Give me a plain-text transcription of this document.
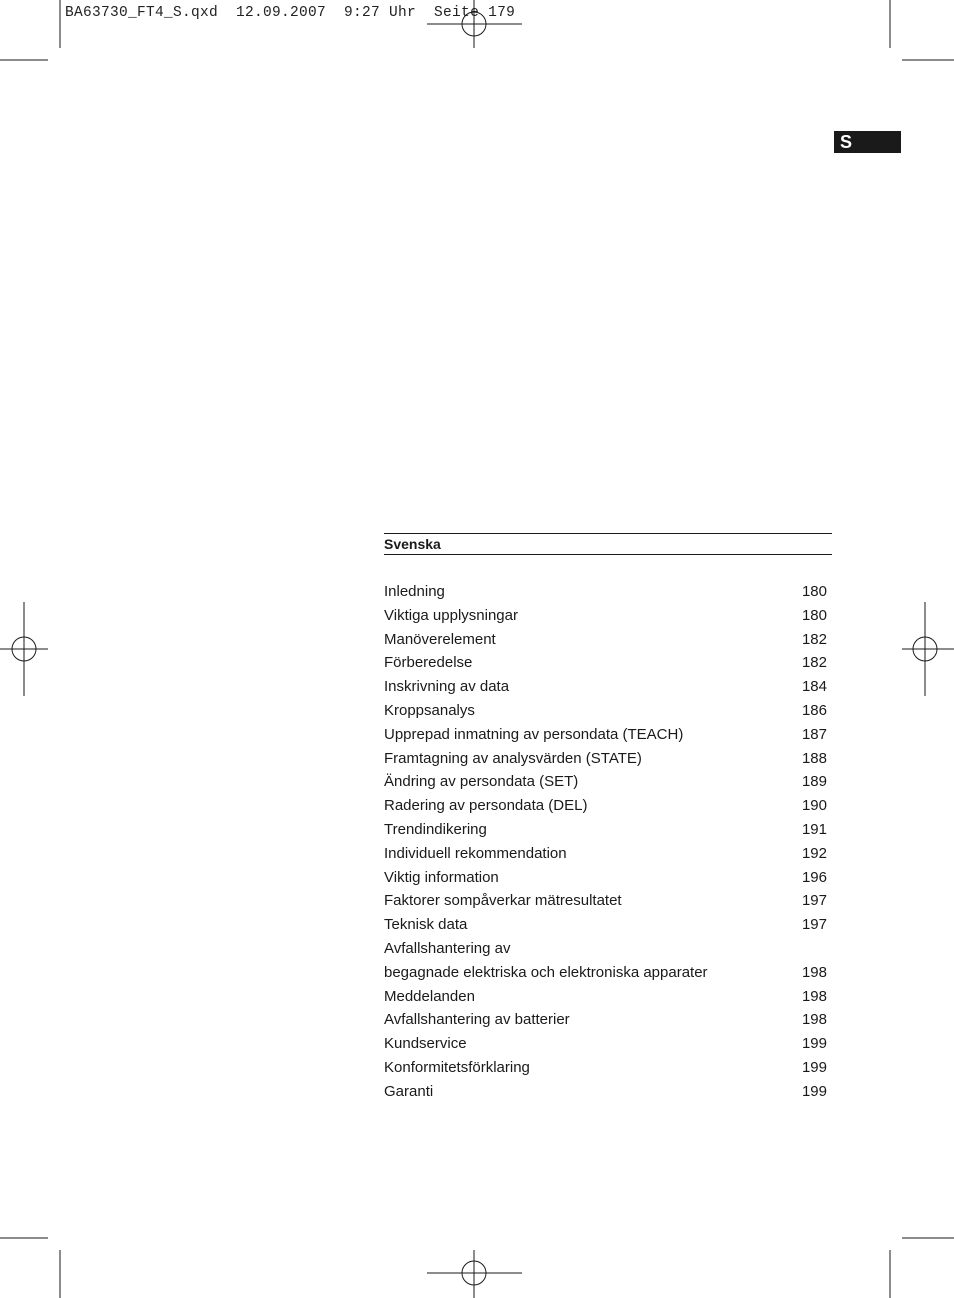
BA63730_FT4_S.qxd  12.09.2007  9:27 Uhr  Seite 179
S
Svenska
Inledning	180
Viktiga upplysningar	180
Manöverelement	182
Förberedelse	182
Inskrivning av data	184
Kroppsanalys	186
Upprepad inmatning av persondata (TEACH)	187
Framtagning av analysvärden (STATE)	188
Ändring av persondata (SET)	189
Radering av persondata (DEL)	190
Trendindikering	191
Individuell rekommendation	192
Viktig information	196
Faktorer sompåverkar mätresultatet	197
Teknisk data	197
Avfallshantering av
begagnade elektriska och elektroniska apparater	198
Meddelanden	198
Avfallshantering av batterier	198
Kundservice	199
Konformitetsförklaring	199
Garanti	199
